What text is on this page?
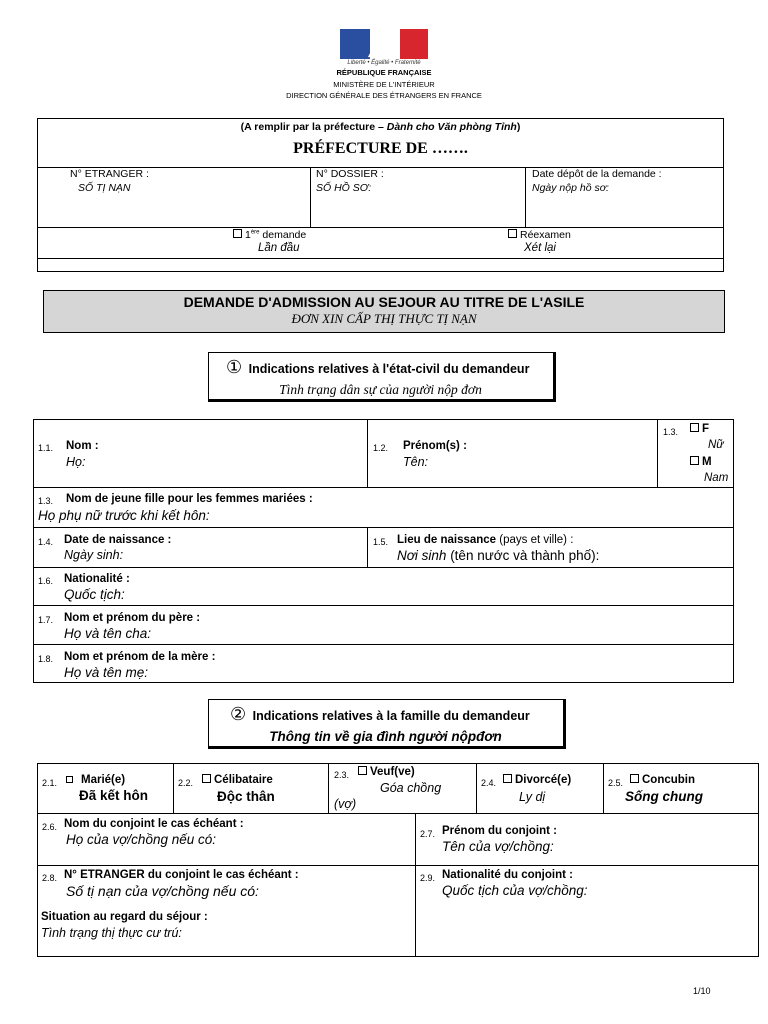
Liberté • Égalité • Fraternité
RÉPUBLIQUE FRANÇAISE
MINISTÈRE DE L'INTÉRIEUR
DIRECTION GÉNÉRALE DES ÉTRANGERS EN FRANCE
(A remplir par la préfecture – Dành cho Văn phòng Tỉnh)
PRÉFECTURE DE …….
N° ETRANGER :
SỐ TỊ NẠN
N° DOSSIER :
SỐ HỒ SƠ:
Date dépôt de la demande :
Ngày nộp hồ sơ:
1ère demande
Lần đầu
Réexamen
Xét lại
DEMANDE D'ADMISSION AU SEJOUR AU TITRE DE L'ASILE
ĐƠN XIN CẤP THỊ THỰC TỊ NẠN
① Indications relatives à l'état-civil du demandeur
Tình trạng dân sự của người nộp đơn
1.1. Nom :
Họ:
1.2. Prénom(s) :
Tên:
1.3.	F
Nữ
M
Nam
1.3. Nom de jeune fille pour les femmes mariées :
Họ phụ nữ trước khi kết hôn:
1.4. Date de naissance :
Ngày sinh:
1.5. Lieu de naissance (pays et ville) :
Nơi sinh (tên nước và thành phố):
1.6. Nationalité :
Quốc tịch:
1.7. Nom et prénom du père :
Họ và tên cha:
1.8. Nom et prénom de la mère :
Họ và tên mẹ:
② Indications relatives à la famille du demandeur
Thông tin về gia đình người nộpđơn
2.1.	Marié(e)
Đã kết hôn
2.2.	Célibataire
Độc thân
2.3.	Veuf(ve)
Góa chồng
(vợ)
2.4.	Divorcé(e)
Ly dị
2.5.	Concubin
Sống chung
2.6. Nom du conjoint le cas échéant :
Họ của vợ/chồng nếu có:	2.7. Prénom du conjoint :
Tên của vợ/chồng:
2.8. N° ETRANGER du conjoint le cas échéant :
Số tị nạn của vợ/chồng nếu có:
2.9. Nationalité du conjoint :
Quốc tịch của vợ/chồng:
Situation au regard du séjour :
Tình trạng thị thực cư trú:
1/10
